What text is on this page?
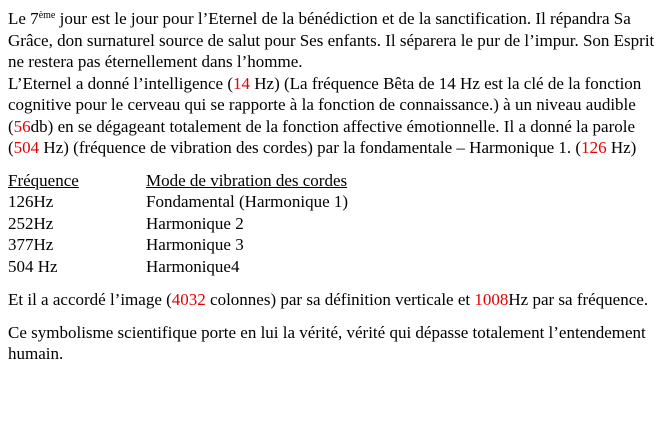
Le 7ème jour est le jour pour l’Eternel de la bénédiction et de la sanctification. Il répandra Sa Grâce, don surnaturel source de salut pour Ses enfants. Il séparera le pur de l’impur. Son Esprit ne restera pas éternellement dans l’homme.

L’Eternel a donné l’intelligence (14 Hz) (La fréquence Bêta de 14 Hz est la clé de la fonction cognitive pour le cerveau qui se rapporte à la fonction de connaissance.) à un niveau audible (56db) en se dégageant totalement de la fonction affective émotionnelle. Il a donné la parole (504 Hz) (fréquence de vibration des cordes) par la fondamentale – Harmonique 1. (126 Hz)

Fréquence	Mode de vibration des cordes
126Hz	Fondamental (Harmonique 1)
252Hz	Harmonique 2
377Hz	Harmonique 3
504 Hz	Harmonique4

Et il a accordé l’image (4032 colonnes) par sa définition verticale et 1008Hz par sa fréquence.

Ce symbolisme scientifique porte en lui la vérité, vérité qui dépasse totalement l’entendement humain.
